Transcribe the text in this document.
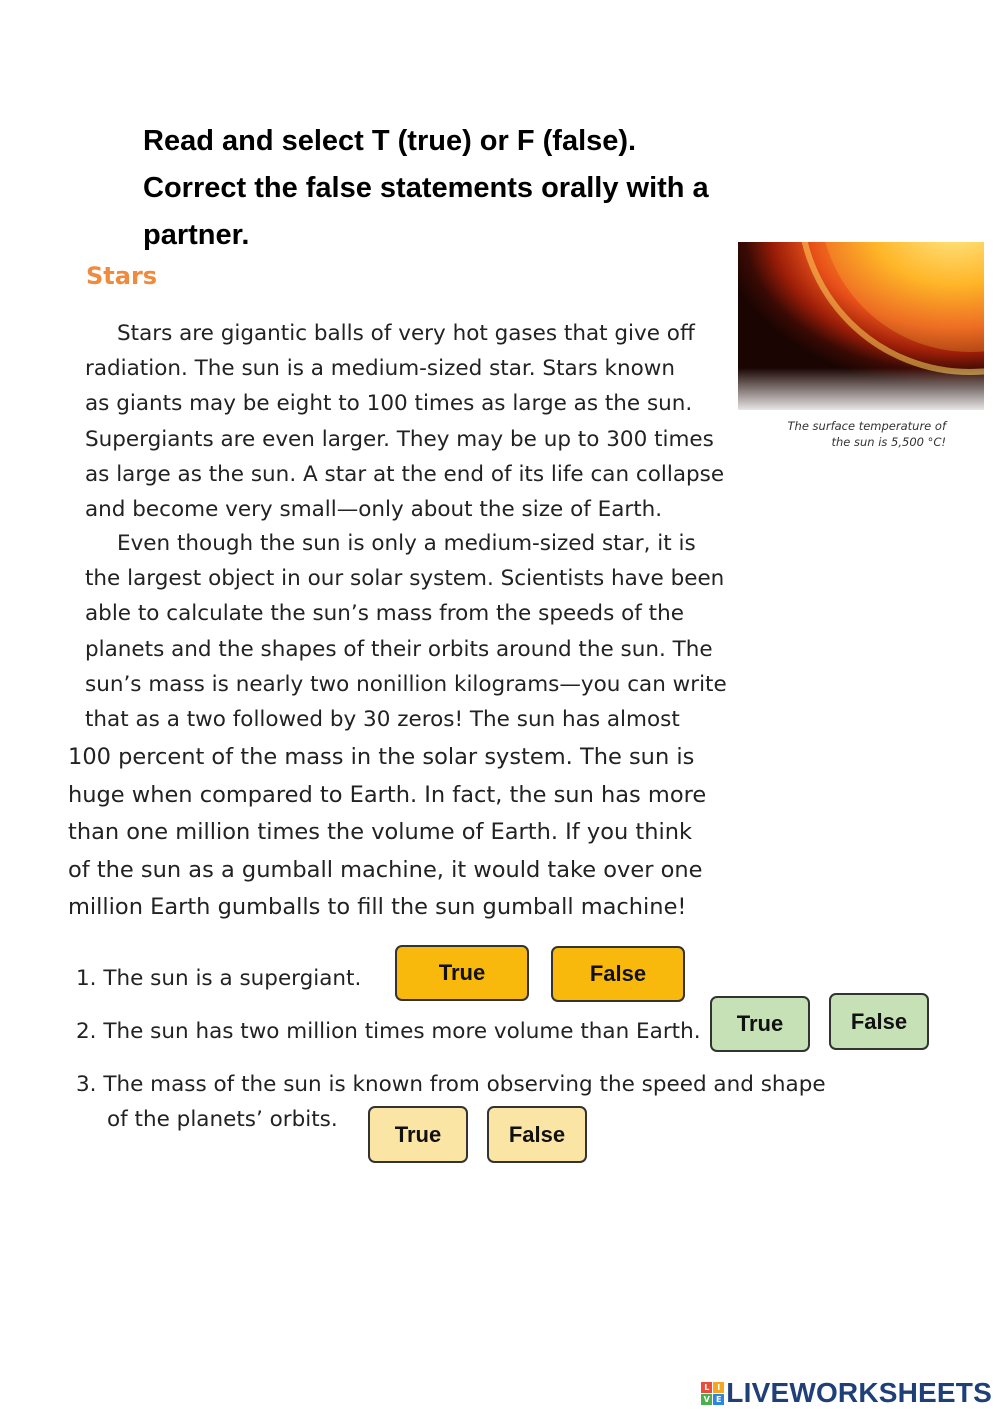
Read and select T (true) or F (false).
Correct the false statements orally with a
partner.
Stars
The surface temperature of
the sun is 5,500 °C!
Stars are gigantic balls of very hot gases that give off
radiation. The sun is a medium-sized star. Stars known
as giants may be eight to 100 times as large as the sun.
Supergiants are even larger. They may be up to 300 times
as large as the sun. A star at the end of its life can collapse
and become very small—only about the size of Earth.
Even though the sun is only a medium-sized star, it is
the largest object in our solar system. Scientists have been
able to calculate the sun’s mass from the speeds of the
planets and the shapes of their orbits around the sun. The
sun’s mass is nearly two nonillion kilograms—you can write
that as a two followed by 30 zeros! The sun has almost
100 percent of the mass in the solar system. The sun is
huge when compared to Earth. In fact, the sun has more
than one million times the volume of Earth. If you think
of the sun as a gumball machine, it would take over one
million Earth gumballs to fill the sun gumball machine!
1. The sun is a supergiant.	True	False
2. The sun has two million times more volume than Earth.	True	False
3. The mass of the sun is known from observing the speed and shape
of the planets’ orbits.
True	False
L I
V E LIVEWORKSHEETS
